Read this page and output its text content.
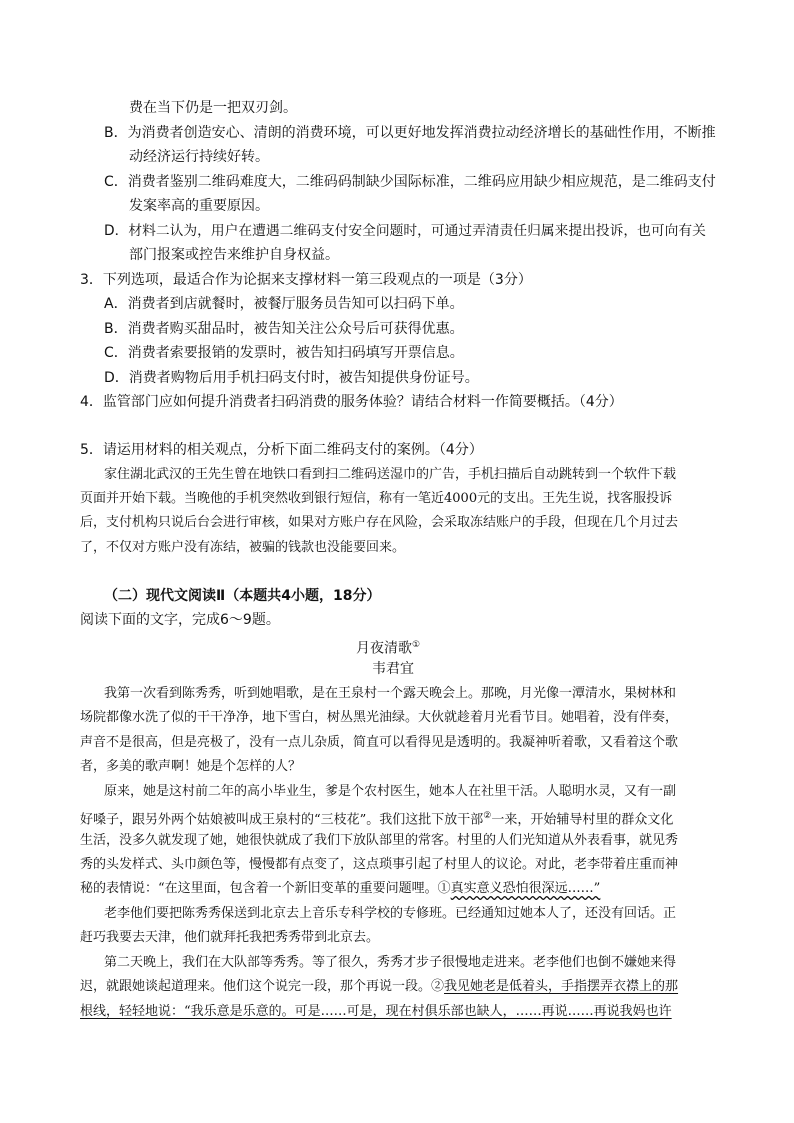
费在当下仍是一把双刃剑。
B．为消费者创造安心、清朗的消费环境，可以更好地发挥消费拉动经济增长的基础性作用，不断推
动经济运行持续好转。
C．消费者鉴别二维码难度大，二维码码制缺少国际标准，二维码应用缺少相应规范，是二维码支付
发案率高的重要原因。
D．材料二认为，用户在遭遇二维码支付安全问题时，可通过弄清责任归属来提出投诉，也可向有关
部门报案或控告来维护自身权益。
3．下列选项，最适合作为论据来支撑材料一第三段观点的一项是（3分）
A．消费者到店就餐时，被餐厅服务员告知可以扫码下单。
B．消费者购买甜品时，被告知关注公众号后可获得优惠。
C．消费者索要报销的发票时，被告知扫码填写开票信息。
D．消费者购物后用手机扫码支付时，被告知提供身份证号。
4．监管部门应如何提升消费者扫码消费的服务体验？请结合材料一作简要概括。（4分）
5．请运用材料的相关观点，分析下面二维码支付的案例。（4分）
家住湖北武汉的王先生曾在地铁口看到扫二维码送湿巾的广告，手机扫描后自动跳转到一个软件下载
页面并开始下载。当晚他的手机突然收到银行短信，称有一笔近4000元的支出。王先生说，找客服投诉
后，支付机构只说后台会进行审核，如果对方账户存在风险，会采取冻结账户的手段，但现在几个月过去
了，不仅对方账户没有冻结，被骗的钱款也没能要回来。
（二）现代文阅读Ⅱ（本题共4小题，18分）
阅读下面的文字，完成6～9题。
月夜清歌①
韦君宜
我第一次看到陈秀秀，听到她唱歌，是在王泉村一个露天晚会上。那晚，月光像一潭清水，果树林和
场院都像水洗了似的干干净净，地下雪白，树丛黑光油绿。大伙就趁着月光看节目。她唱着，没有伴奏，
声音不是很高，但是亮极了，没有一点儿杂质，简直可以看得见是透明的。我凝神听着歌，又看着这个歌
者，多美的歌声啊！她是个怎样的人？
原来，她是这村前二年的高小毕业生，爹是个农村医生，她本人在社里干活。人聪明水灵，又有一副
好嗓子，跟另外两个姑娘被叫成王泉村的“三枝花”。我们这批下放干部②一来，开始辅导村里的群众文化
生活，没多久就发现了她，她很快就成了我们下放队部里的常客。村里的人们光知道从外表看事，就见秀
秀的头发样式、头巾颜色等，慢慢都有点变了，这点琐事引起了村里人的议论。对此，老李带着庄重而神
秘的表情说：“在这里面，包含着一个新旧变革的重要问题哩。①真实意义恐怕很深远……”
老李他们要把陈秀秀保送到北京去上音乐专科学校的专修班。已经通知过她本人了，还没有回话。正
赶巧我要去天津，他们就拜托我把秀秀带到北京去。
第二天晚上，我们在大队部等秀秀。等了很久，秀秀才步子很慢地走进来。老李他们也倒不嫌她来得
迟，就跟她谈起道理来。他们这个说完一段，那个再说一段。②我见她老是低着头，手指摆弄衣襟上的那
根线，轻轻地说：“我乐意是乐意的。可是……可是，现在村俱乐部也缺人，……再说……再说我妈也许
